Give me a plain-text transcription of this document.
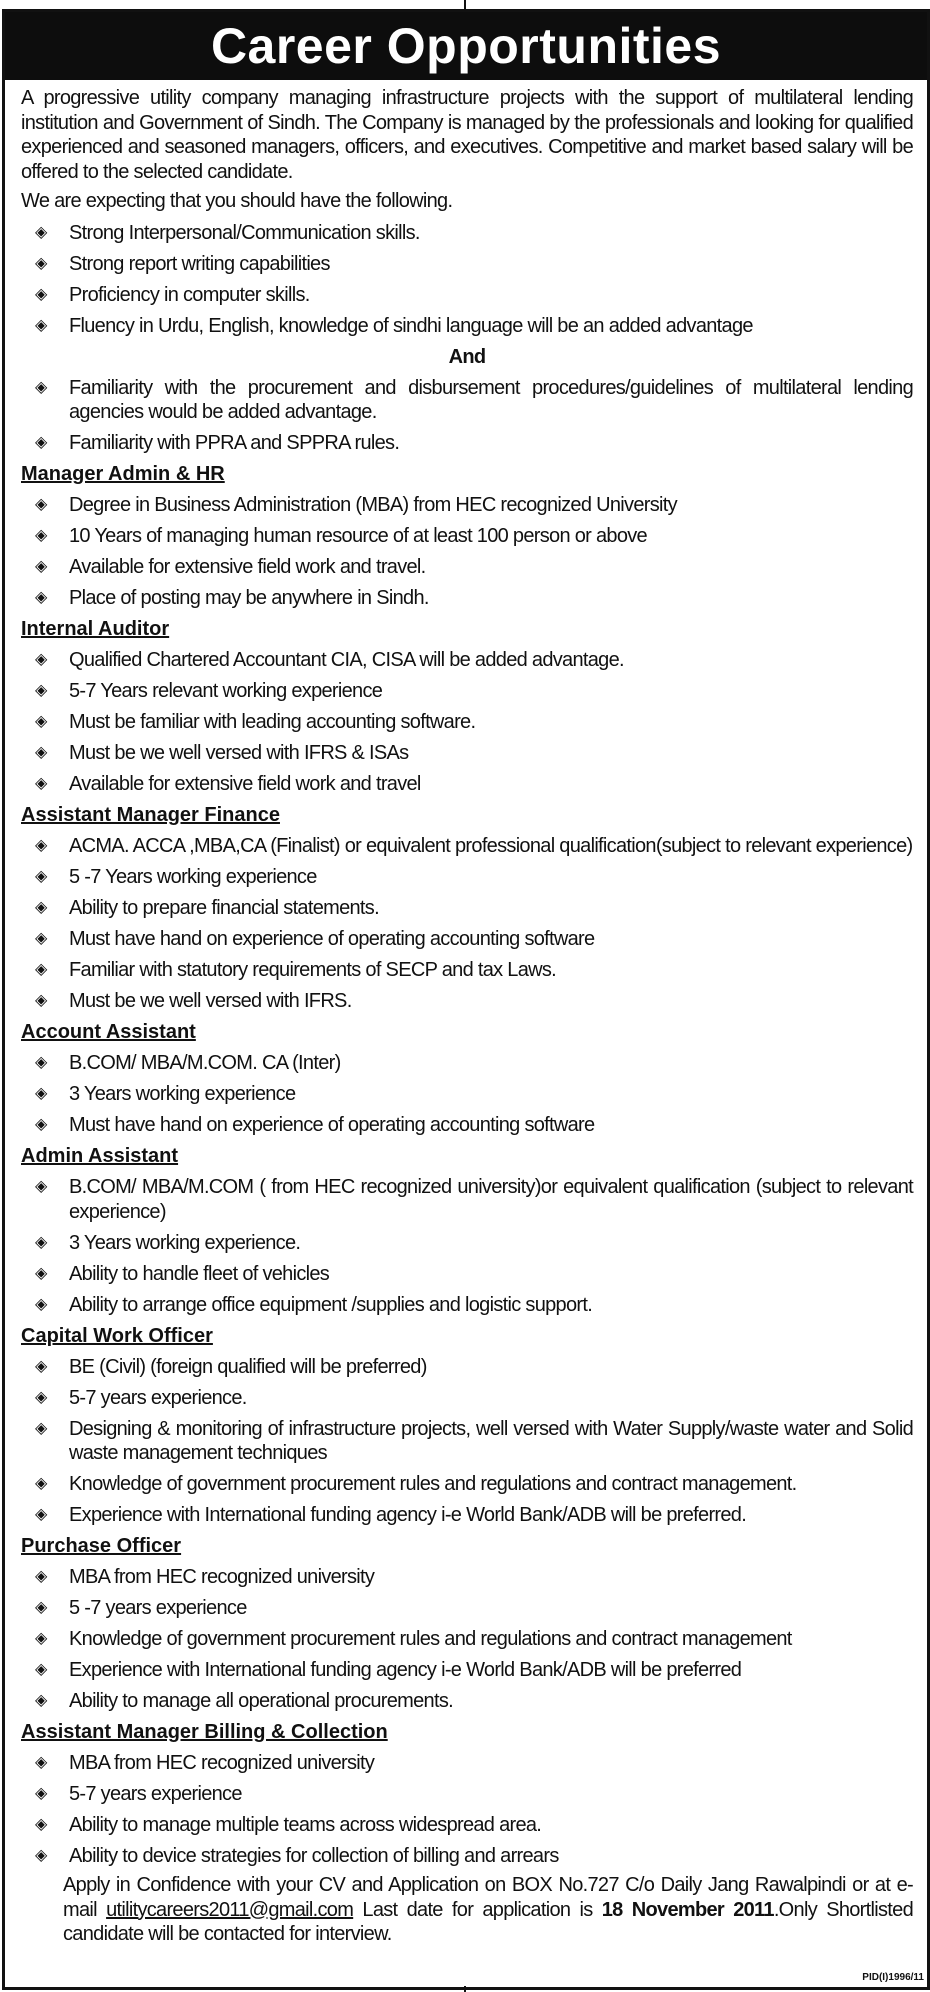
Career Opportunities

A progressive utility company managing infrastructure projects with the support of multilateral lending institution and Government of Sindh. The Company is managed by the professionals and looking for qualified experienced and seasoned managers, officers, and executives. Competitive and market based salary will be offered to the selected candidate.

We are expecting that you should have the following.

◈ Strong Interpersonal/Communication skills.
◈ Strong report writing capabilities
◈ Proficiency in computer skills.
◈ Fluency in Urdu, English, knowledge of sindhi language will be an added advantage
And
◈ Familiarity with the procurement and disbursement procedures/guidelines of multilateral lending agencies would be added advantage.
◈ Familiarity with PPRA and SPPRA rules.
Manager Admin & HR
◈ Degree in Business Administration (MBA) from HEC recognized University
◈ 10 Years of managing human resource of at least 100 person or above
◈ Available for extensive field work and travel.
◈ Place of posting may be anywhere in Sindh.
Internal Auditor
◈ Qualified Chartered Accountant CIA, CISA will be added advantage.
◈ 5-7 Years relevant working experience
◈ Must be familiar with leading accounting software.
◈ Must be we well versed with IFRS & ISAs
◈ Available for extensive field work and travel
Assistant Manager Finance
◈ ACMA. ACCA ,MBA,CA (Finalist) or equivalent professional qualification(subject to relevant experience)
◈ 5 -7 Years working experience
◈ Ability to prepare financial statements.
◈ Must have hand on experience of operating accounting software
◈ Familiar with statutory requirements of SECP and tax Laws.
◈ Must be we well versed with IFRS.
Account Assistant
◈ B.COM/ MBA/M.COM. CA (Inter)
◈ 3 Years working experience
◈ Must have hand on experience of operating accounting software
Admin Assistant
◈ B.COM/ MBA/M.COM ( from HEC recognized university)or equivalent qualification (subject to relevant experience)
◈ 3 Years working experience.
◈ Ability to handle fleet of vehicles
◈ Ability to arrange office equipment /supplies and logistic support.
Capital Work Officer
◈ BE (Civil) (foreign qualified will be preferred)
◈ 5-7 years experience.
◈ Designing & monitoring of infrastructure projects, well versed with Water Supply/waste water and Solid waste management techniques
◈ Knowledge of government procurement rules and regulations and contract management.
◈ Experience with International funding agency i-e World Bank/ADB will be preferred.
Purchase Officer
◈ MBA from HEC recognized university
◈ 5 -7 years experience
◈ Knowledge of government procurement rules and regulations and contract management
◈ Experience with International funding agency i-e World Bank/ADB will be preferred
◈ Ability to manage all operational procurements.
Assistant Manager Billing & Collection
◈ MBA from HEC recognized university
◈ 5-7 years experience
◈ Ability to manage multiple teams across widespread area.
◈ Ability to device strategies for collection of billing and arrears

Apply in Confidence with your CV and Application on BOX No.727 C/o Daily Jang Rawalpindi or at e-mail utilitycareers2011@gmail.com Last date for application is 18 November 2011.Only Shortlisted candidate will be contacted for interview.

PID(I)1996/11
